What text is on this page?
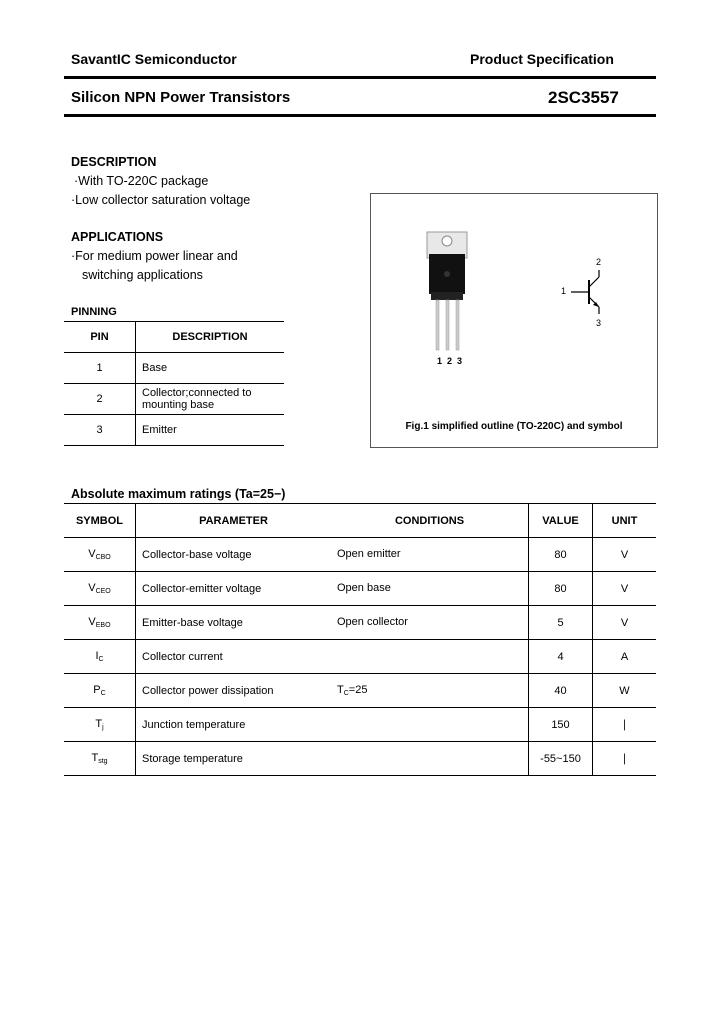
SavantIC Semiconductor	Product Specification
Silicon NPN Power Transistors	2SC3557
DESCRIPTION
·With TO-220C package
·Low collector saturation voltage
APPLICATIONS
·For medium power linear and
switching applications
PINNING
PIN	DESCRIPTION
1	Base
2	Collector;connected to
mounting base

3	Emitter
1 2 3
1
2
3
Fig.1 simplified outline (TO-220C) and symbol
Absolute maximum ratings (Ta=25−)
SYMBOL	PARAMETER	CONDITIONS	VALUE	UNIT
$V_{CBO}$	Collector-base voltage	Open emitter	80	V
$V_{CEO}$	Collector-emitter voltage	Open base	80	V
$V_{EBO}$	Emitter-base voltage	Open collector	5	V
$I_C$	Collector current		4	A
$P_C$	Collector power dissipation	$T_C=25$	40	W
$T_j$	Junction temperature		150	∣
$T_{stg}$	Storage temperature		-55~150	∣
